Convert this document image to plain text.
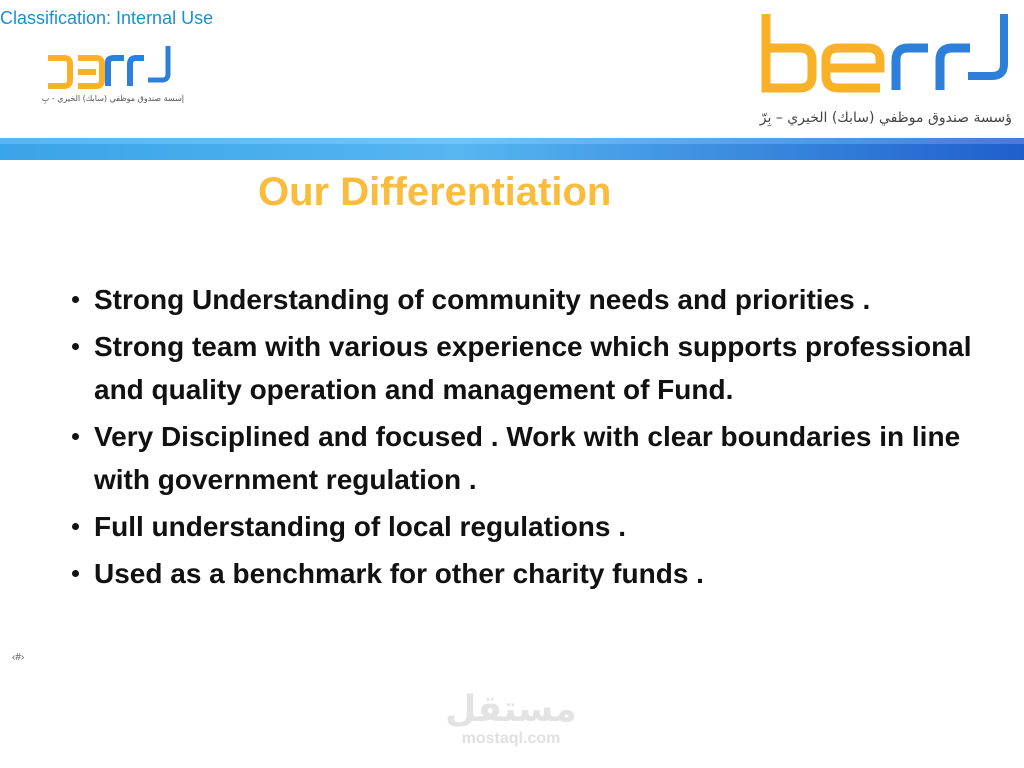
Classification: Internal Use
إسسة صندوق موظفي (سابك) الخيري - بِ
ؤسسة صندوق موظفي (سابك) الخيري – بِرّ
Our Differentiation
Strong Understanding of community needs and priorities .
Strong team with various experience which supports professional and quality operation and management of Fund.
Very Disciplined and focused . Work with clear boundaries in line with government regulation .
Full understanding of local regulations .
Used as a benchmark for other charity funds .
‹#›
مستقل
mostaql.com
